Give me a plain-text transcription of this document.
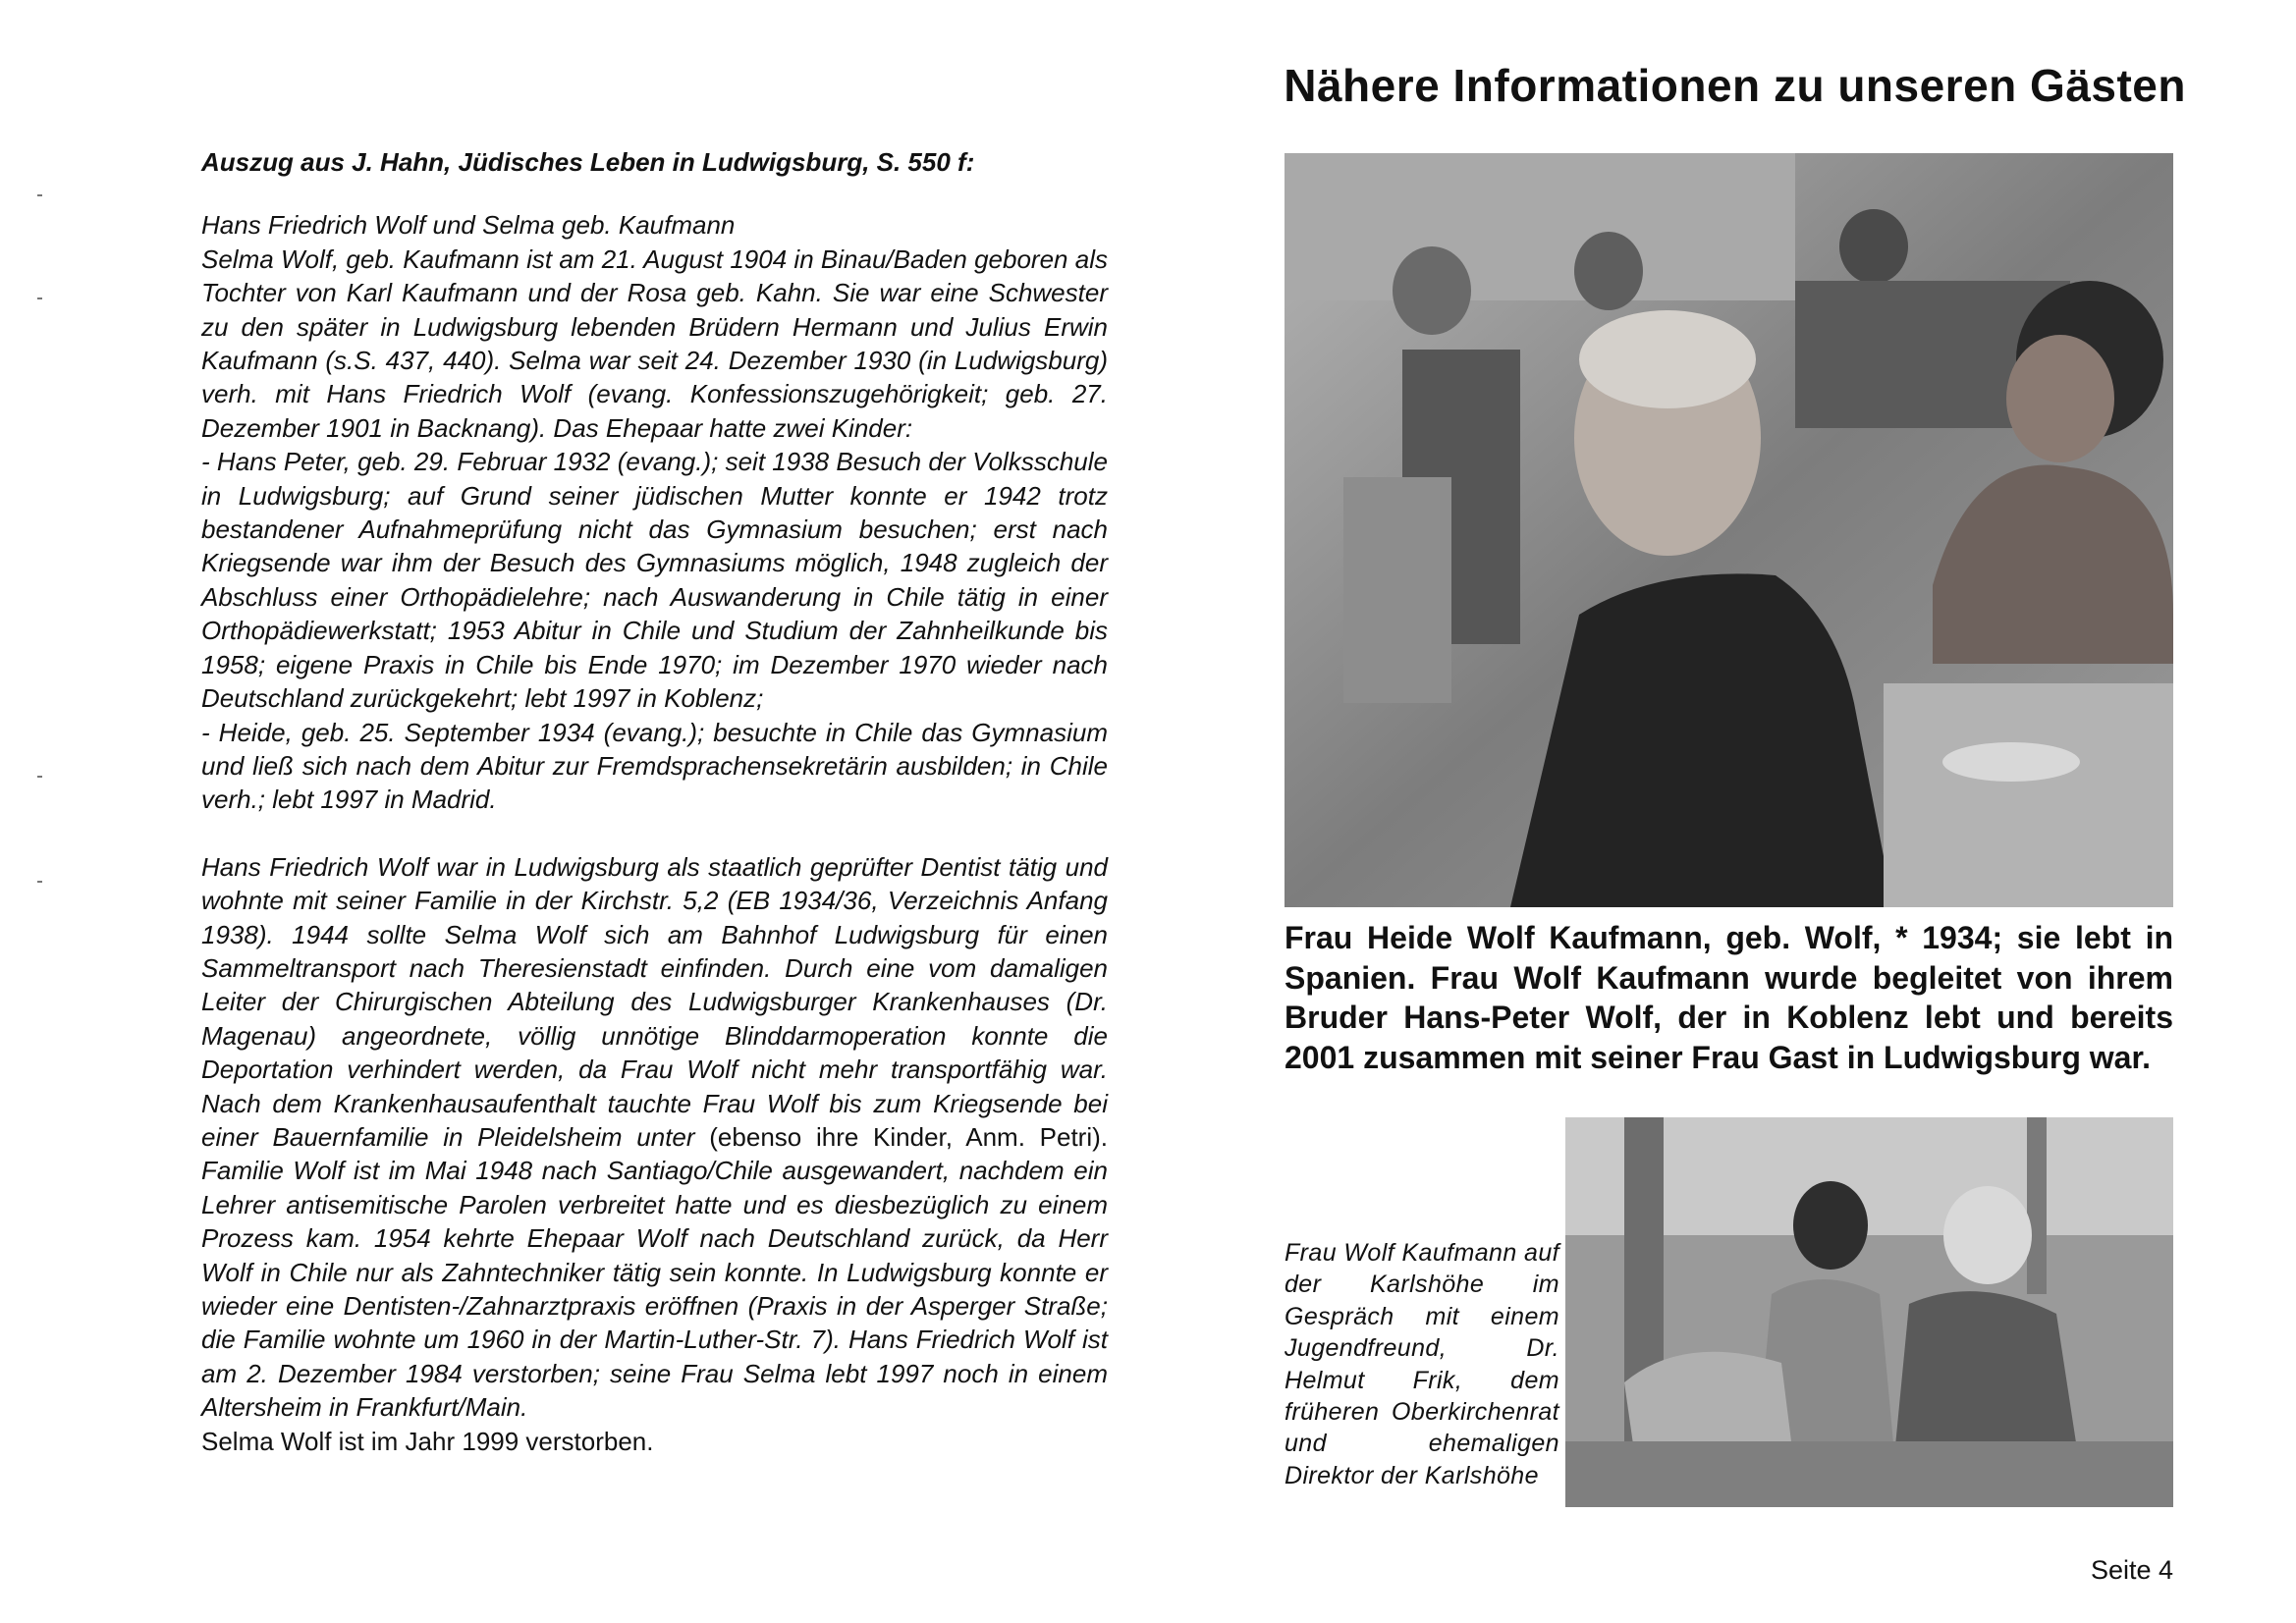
Auszug aus J. Hahn, Jüdisches Leben in Ludwigsburg, S. 550 f:

Hans Friedrich Wolf und Selma geb. Kaufmann

Selma Wolf, geb. Kaufmann ist am 21. August 1904 in Binau/Baden geboren als Tochter von Karl Kaufmann und der Rosa geb. Kahn. Sie war eine Schwester zu den später in Ludwigsburg lebenden Brüdern Hermann und Julius Erwin Kaufmann (s.S. 437, 440). Selma war seit 24. Dezember 1930 (in Ludwigsburg) verh. mit Hans Friedrich Wolf (evang. Konfessionszugehörigkeit; geb. 27. Dezember 1901 in Backnang). Das Ehepaar hatte zwei Kinder:

- Hans Peter, geb. 29. Februar 1932 (evang.); seit 1938 Besuch der Volksschule in Ludwigsburg; auf Grund seiner jüdischen Mutter konnte er 1942 trotz bestandener Aufnahmeprüfung nicht das Gymnasium besuchen; erst nach Kriegsende war ihm der Besuch des Gymnasiums möglich, 1948 zugleich der Abschluss einer Orthopädielehre; nach Auswanderung in Chile tätig in einer Orthopädiewerkstatt; 1953 Abitur in Chile und Studium der Zahnheilkunde bis 1958; eigene Praxis in Chile bis Ende 1970; im Dezember 1970 wieder nach Deutschland zurückgekehrt; lebt 1997 in Koblenz;

- Heide, geb. 25. September 1934 (evang.); besuchte in Chile das Gymnasium und ließ sich nach dem Abitur zur Fremdsprachensekretärin ausbilden; in Chile verh.; lebt 1997 in Madrid.

Hans Friedrich Wolf war in Ludwigsburg als staatlich geprüfter Dentist tätig und wohnte mit seiner Familie in der Kirchstr. 5,2 (EB 1934/36, Verzeichnis Anfang 1938). 1944 sollte Selma Wolf sich am Bahnhof Ludwigsburg für einen Sammeltransport nach Theresienstadt einfinden. Durch eine vom damaligen Leiter der Chirurgischen Abteilung des Ludwigsburger Krankenhauses (Dr. Magenau) angeordnete, völlig unnötige Blinddarmoperation konnte die Deportation verhindert werden, da Frau Wolf nicht mehr transportfähig war. Nach dem Krankenhausaufenthalt tauchte Frau Wolf bis zum Kriegsende bei einer Bauernfamilie in Pleidelsheim unter (ebenso ihre Kinder, Anm. Petri). Familie Wolf ist im Mai 1948 nach Santiago/Chile ausgewandert, nachdem ein Lehrer antisemitische Parolen verbreitet hatte und es diesbezüglich zu einem Prozess kam. 1954 kehrte Ehepaar Wolf nach Deutschland zurück, da Herr Wolf in Chile nur als Zahntechniker tätig sein konnte. In Ludwigsburg konnte er wieder eine Dentisten-/Zahnarztpraxis eröffnen (Praxis in der Asperger Straße; die Familie wohnte um 1960 in der Martin-Luther-Str. 7). Hans Friedrich Wolf ist am 2. Dezember 1984 verstorben; seine Frau Selma lebt 1997 noch in einem Altersheim in Frankfurt/Main.

Selma Wolf ist im Jahr 1999 verstorben.

Nähere Informationen zu unseren Gästen

Frau Heide Wolf Kaufmann, geb. Wolf, * 1934; sie lebt in Spanien. Frau Wolf Kaufmann wurde begleitet von ihrem Bruder Hans-Peter Wolf, der in Koblenz lebt und bereits 2001 zusammen mit seiner Frau Gast in Ludwigsburg war.

Frau Wolf Kaufmann auf der Karlshöhe im Gespräch mit einem Jugendfreund, Dr. Helmut Frik, dem früheren Oberkirchenrat und ehemaligen Direktor der Karlshöhe

Seite 4
